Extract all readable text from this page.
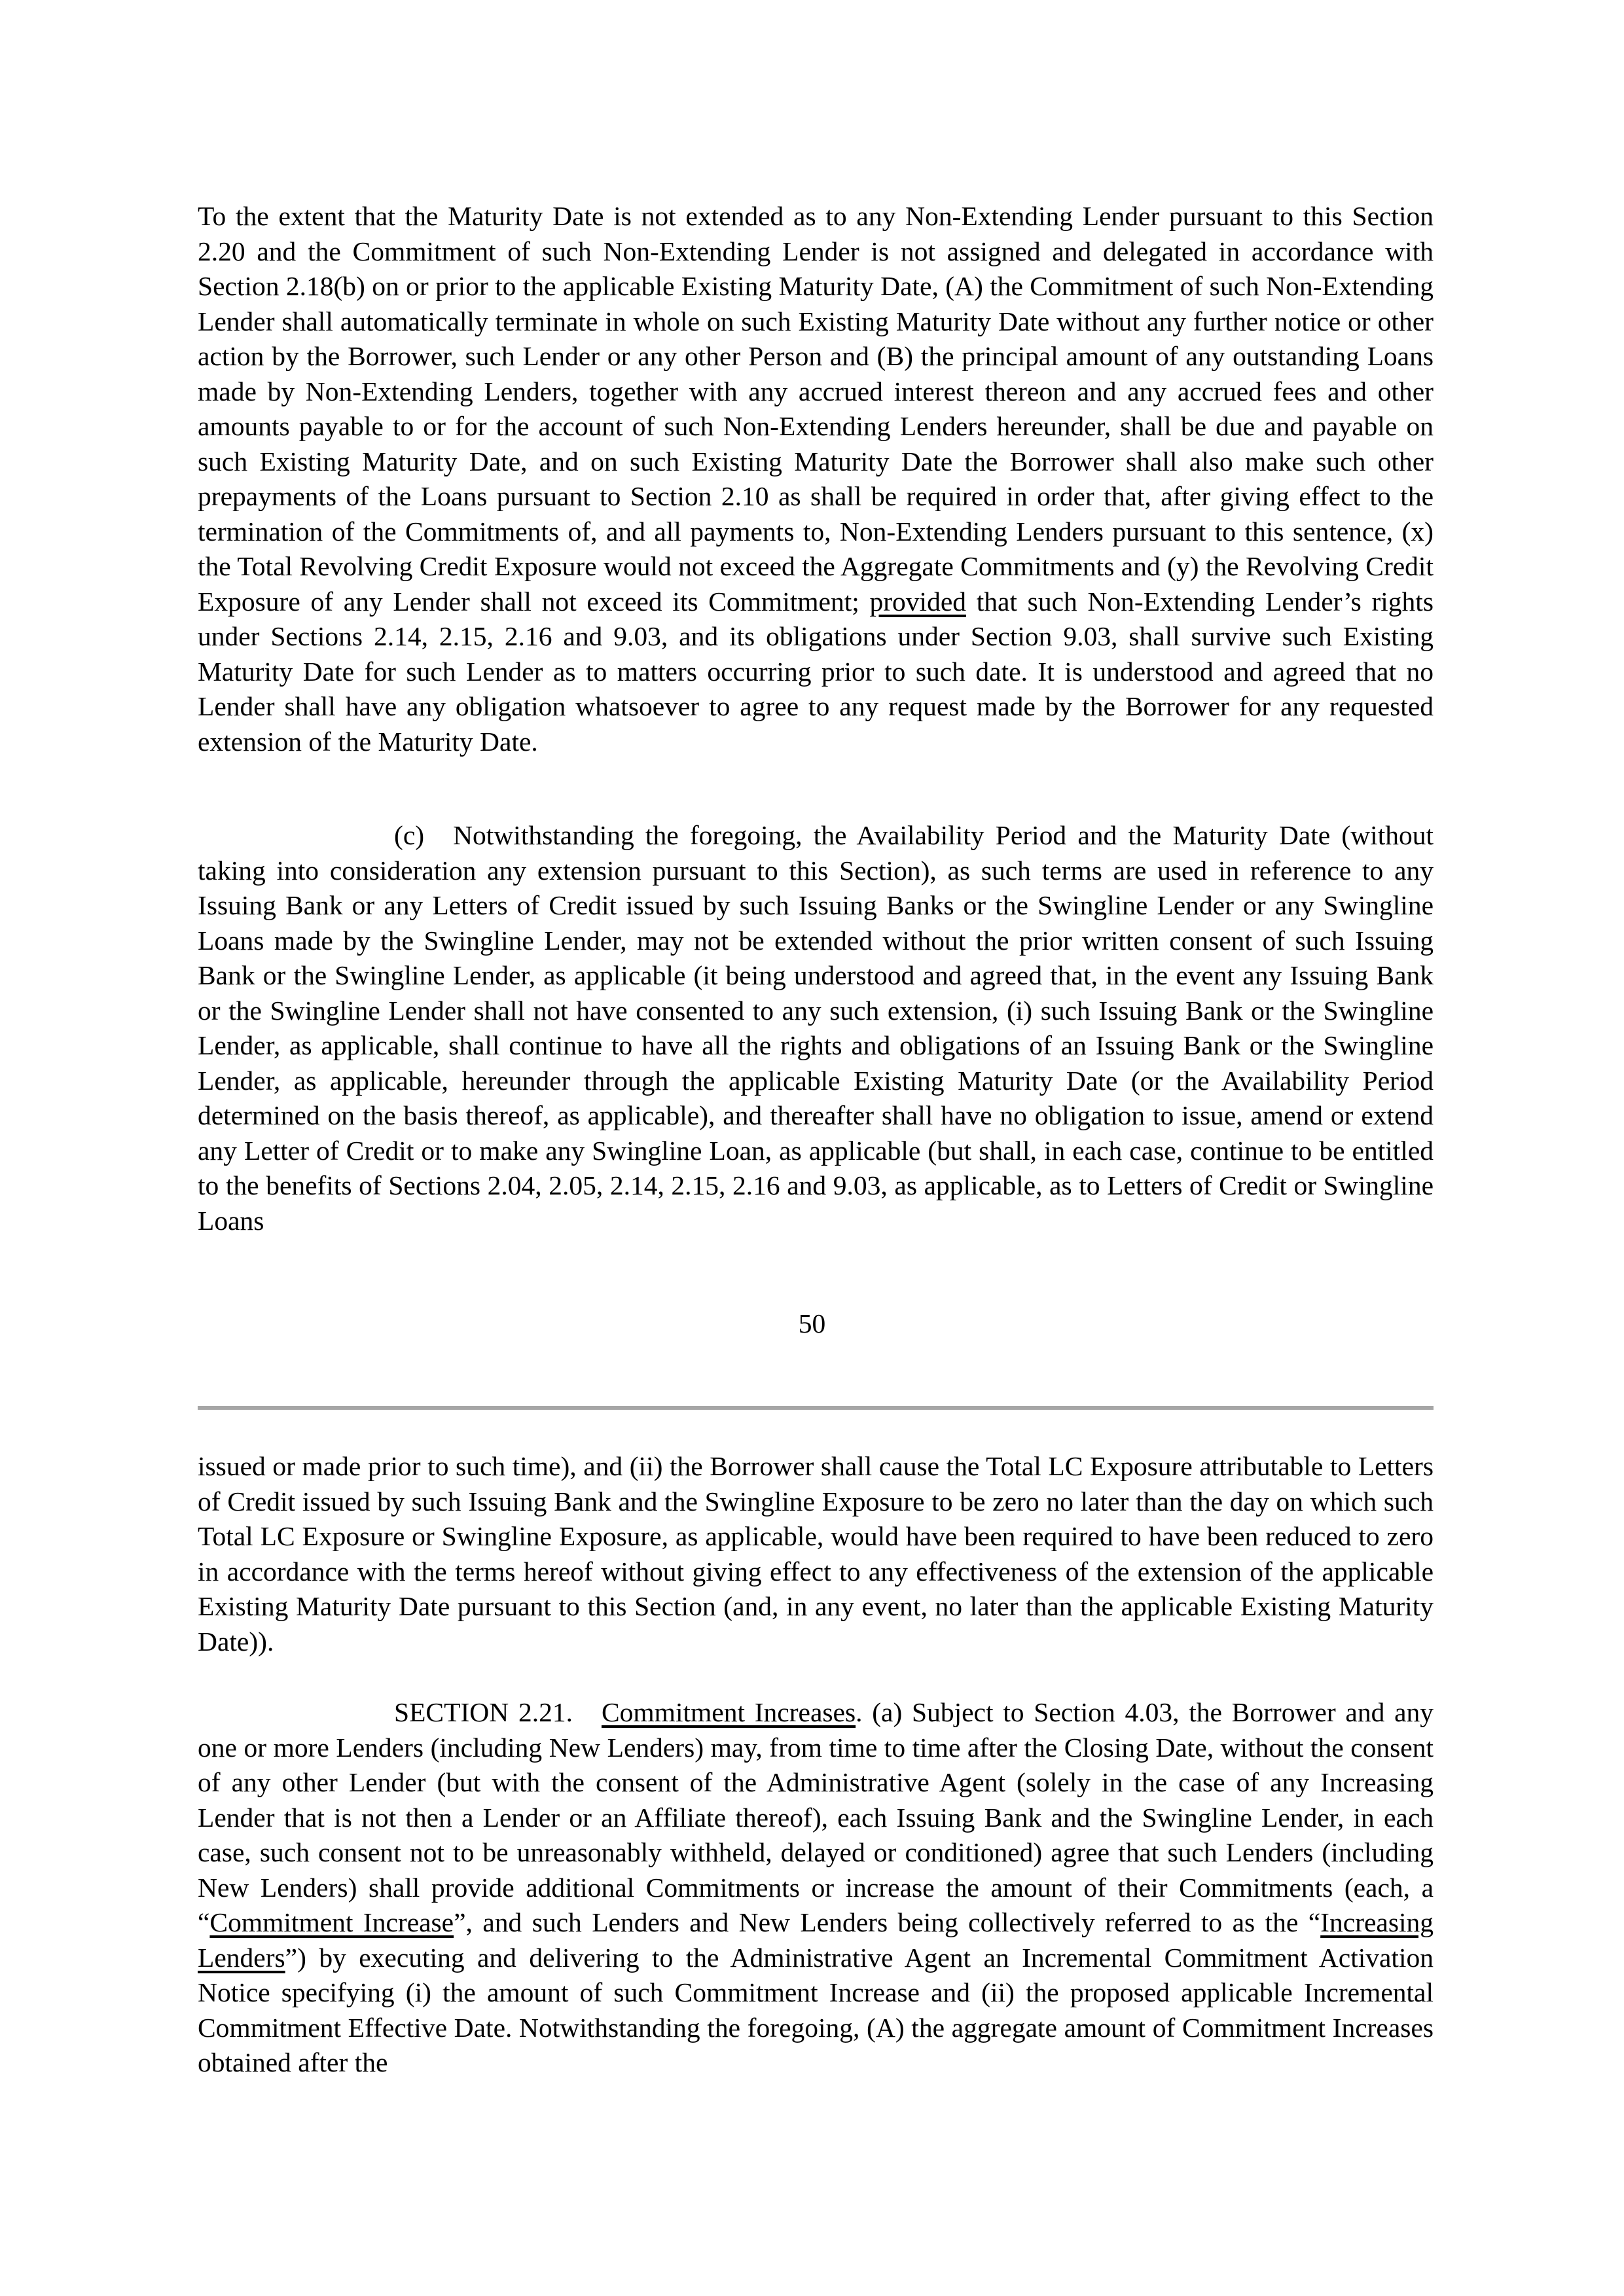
To the extent that the Maturity Date is not extended as to any Non-Extending Lender pursuant to this Section 2.20 and the Commitment of such Non-Extending Lender is not assigned and delegated in accordance with Section 2.18(b) on or prior to the applicable Existing Maturity Date, (A) the Commitment of such Non-Extending Lender shall automatically terminate in whole on such Existing Maturity Date without any further notice or other action by the Borrower, such Lender or any other Person and (B) the principal amount of any outstanding Loans made by Non-Extending Lenders, together with any accrued interest thereon and any accrued fees and other amounts payable to or for the account of such Non-Extending Lenders hereunder, shall be due and payable on such Existing Maturity Date, and on such Existing Maturity Date the Borrower shall also make such other prepayments of the Loans pursuant to Section 2.10 as shall be required in order that, after giving effect to the termination of the Commitments of, and all payments to, Non-Extending Lenders pursuant to this sentence, (x) the Total Revolving Credit Exposure would not exceed the Aggregate Commitments and (y) the Revolving Credit Exposure of any Lender shall not exceed its Commitment; provided that such Non-Extending Lender’s rights under Sections 2.14, 2.15, 2.16 and 9.03, and its obligations under Section 9.03, shall survive such Existing Maturity Date for such Lender as to matters occurring prior to such date. It is understood and agreed that no Lender shall have any obligation whatsoever to agree to any request made by the Borrower for any requested extension of the Maturity Date.

(c) Notwithstanding the foregoing, the Availability Period and the Maturity Date (without taking into consideration any extension pursuant to this Section), as such terms are used in reference to any Issuing Bank or any Letters of Credit issued by such Issuing Banks or the Swingline Lender or any Swingline Loans made by the Swingline Lender, may not be extended without the prior written consent of such Issuing Bank or the Swingline Lender, as applicable (it being understood and agreed that, in the event any Issuing Bank or the Swingline Lender shall not have consented to any such extension, (i) such Issuing Bank or the Swingline Lender, as applicable, shall continue to have all the rights and obligations of an Issuing Bank or the Swingline Lender, as applicable, hereunder through the applicable Existing Maturity Date (or the Availability Period determined on the basis thereof, as applicable), and thereafter shall have no obligation to issue, amend or extend any Letter of Credit or to make any Swingline Loan, as applicable (but shall, in each case, continue to be entitled to the benefits of Sections 2.04, 2.05, 2.14, 2.15, 2.16 and 9.03, as applicable, as to Letters of Credit or Swingline Loans

50

issued or made prior to such time), and (ii) the Borrower shall cause the Total LC Exposure attributable to Letters of Credit issued by such Issuing Bank and the Swingline Exposure to be zero no later than the day on which such Total LC Exposure or Swingline Exposure, as applicable, would have been required to have been reduced to zero in accordance with the terms hereof without giving effect to any effectiveness of the extension of the applicable Existing Maturity Date pursuant to this Section (and, in any event, no later than the applicable Existing Maturity Date)).

SECTION 2.21. Commitment Increases. (a) Subject to Section 4.03, the Borrower and any one or more Lenders (including New Lenders) may, from time to time after the Closing Date, without the consent of any other Lender (but with the consent of the Administrative Agent (solely in the case of any Increasing Lender that is not then a Lender or an Affiliate thereof), each Issuing Bank and the Swingline Lender, in each case, such consent not to be unreasonably withheld, delayed or conditioned) agree that such Lenders (including New Lenders) shall provide additional Commitments or increase the amount of their Commitments (each, a “Commitment Increase”, and such Lenders and New Lenders being collectively referred to as the “Increasing Lenders”) by executing and delivering to the Administrative Agent an Incremental Commitment Activation Notice specifying (i) the amount of such Commitment Increase and (ii) the proposed applicable Incremental Commitment Effective Date. Notwithstanding the foregoing, (A) the aggregate amount of Commitment Increases obtained after the
